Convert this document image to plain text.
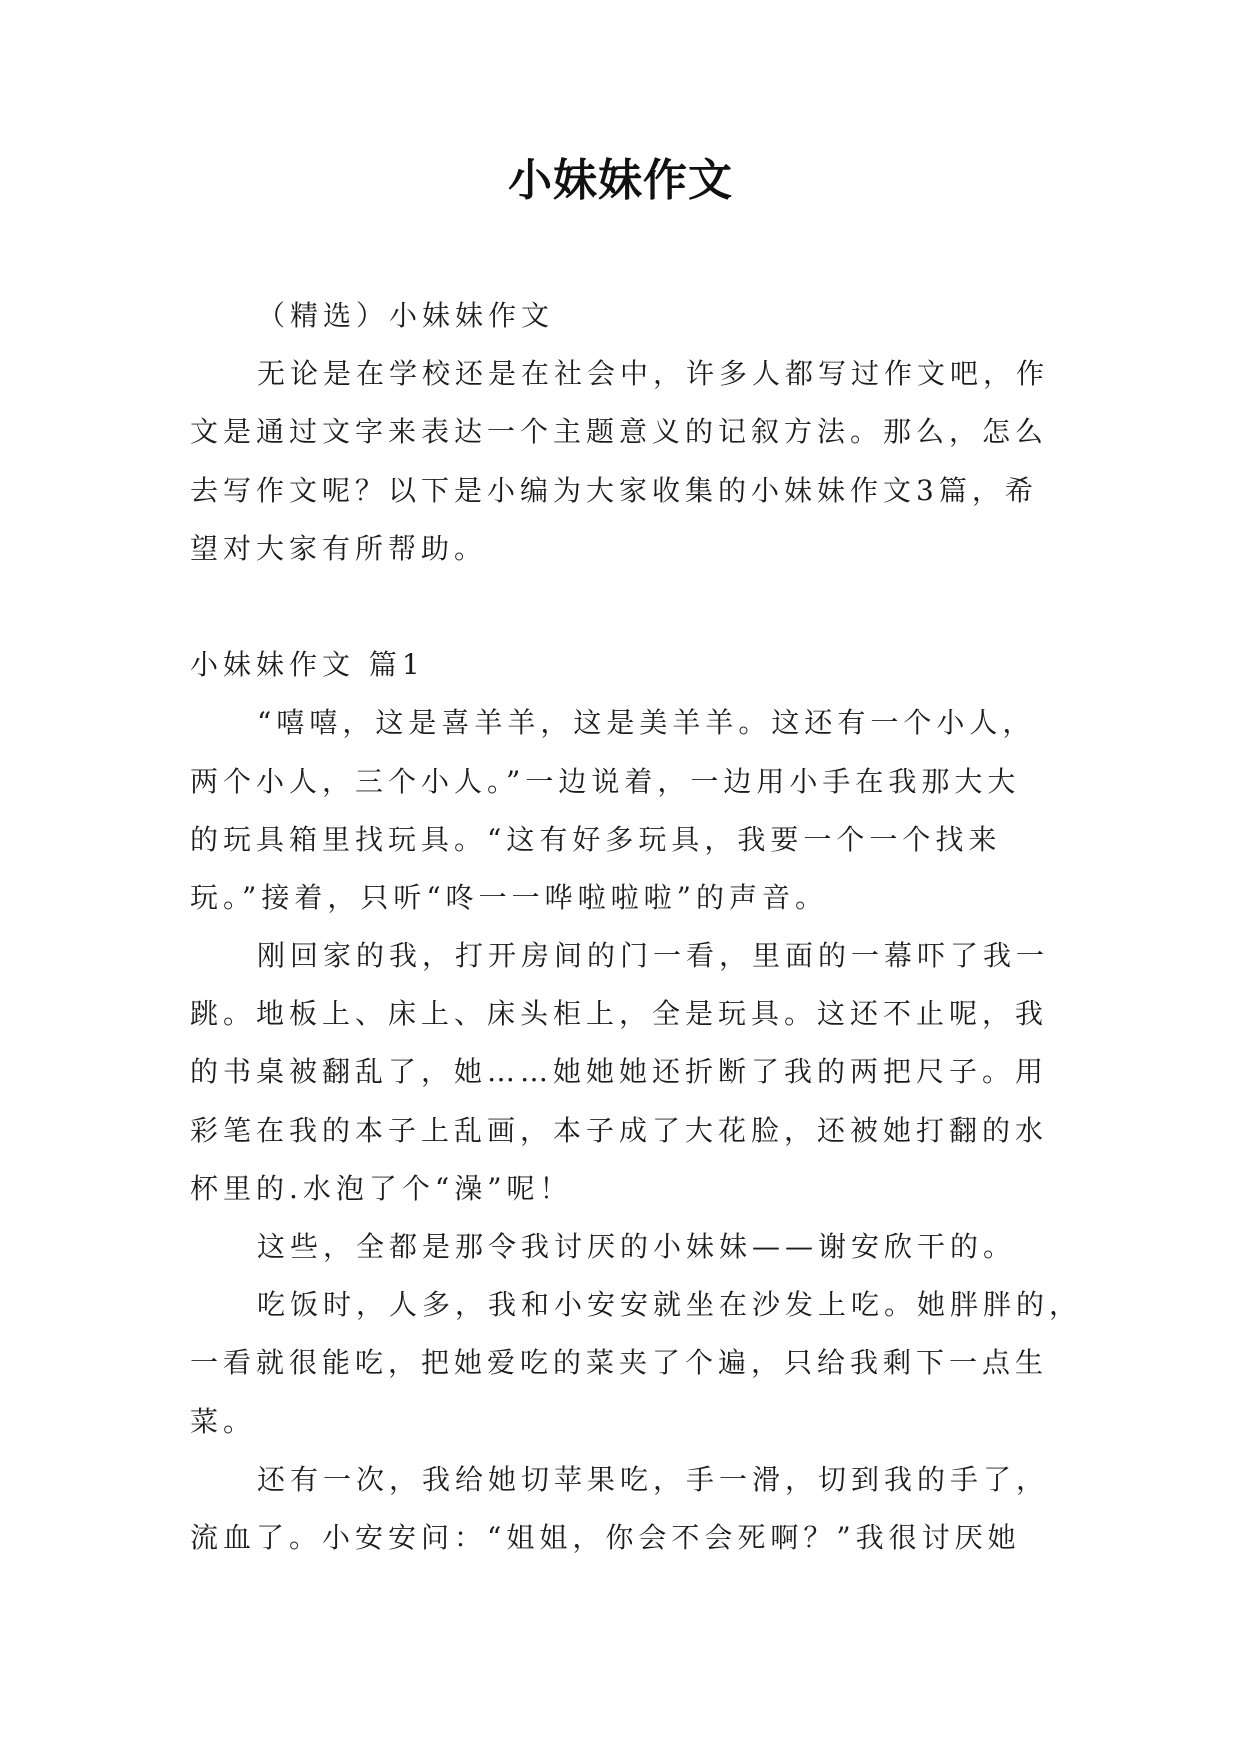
小妹妹作文
（精选）小妹妹作文
无论是在学校还是在社会中，许多人都写过作文吧，作
文是通过文字来表达一个主题意义的记叙方法。那么，怎么
去写作文呢？以下是小编为大家收集的小妹妹作文3篇，希
望对大家有所帮助。
小妹妹作文 篇1
“嘻嘻，这是喜羊羊，这是美羊羊。这还有一个小人，
两个小人，三个小人。”一边说着，一边用小手在我那大大
的玩具箱里找玩具。“这有好多玩具，我要一个一个找来
玩。”接着，只听“咚一一哗啦啦啦”的声音。
刚回家的我，打开房间的门一看，里面的一幕吓了我一
跳。地板上、床上、床头柜上，全是玩具。这还不止呢，我
的书桌被翻乱了，她……她她她还折断了我的两把尺子。用
彩笔在我的本子上乱画，本子成了大花脸，还被她打翻的水
杯里的.水泡了个“澡”呢！
这些，全都是那令我讨厌的小妹妹——谢安欣干的。
吃饭时，人多，我和小安安就坐在沙发上吃。她胖胖的，
一看就很能吃，把她爱吃的菜夹了个遍，只给我剩下一点生
菜。
还有一次，我给她切苹果吃，手一滑，切到我的手了，
流血了。小安安问：“姐姐，你会不会死啊？”我很讨厌她
